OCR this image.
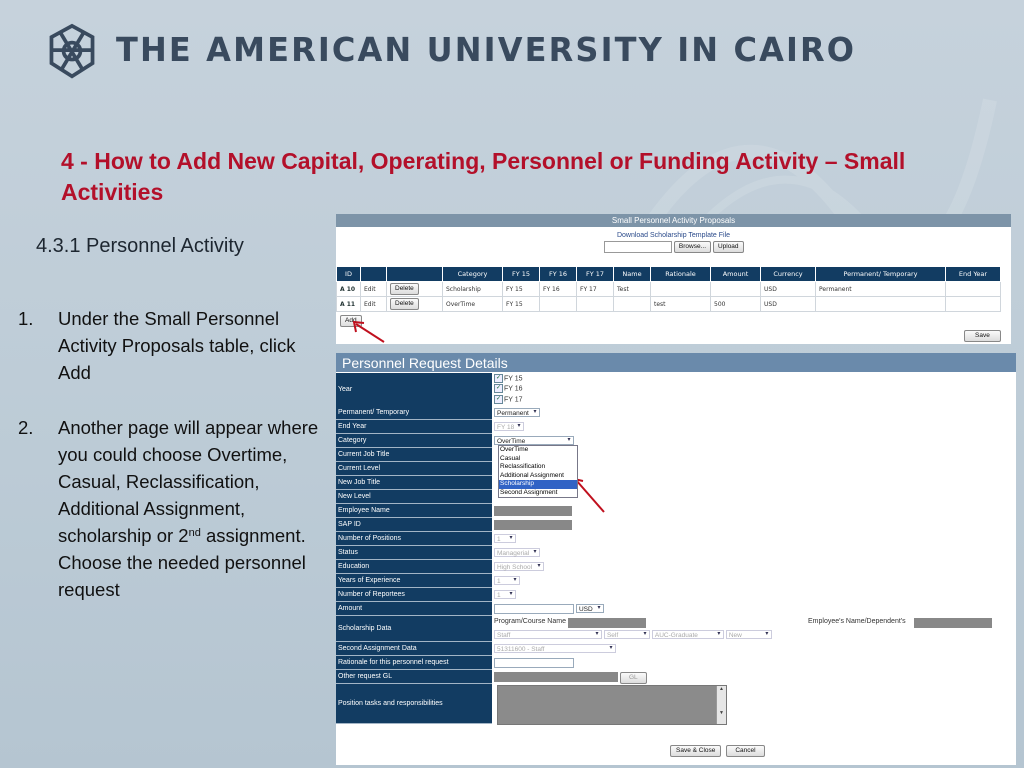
THE AMERICAN UNIVERSITY IN CAIRO
4 - How to Add New Capital, Operating, Personnel or Funding Activity – Small Activities
4.3.1 Personnel Activity
1. Under the Small Personnel Activity Proposals table, click Add
2. Another page will appear where you could choose Overtime, Casual, Reclassification, Additional Assignment, scholarship or 2nd assignment. Choose the needed personnel request
Small Personnel Activity Proposals
Download Scholarship Template File
Browse... Upload
ID			Category	FY 15	FY 16	FY 17	Name	Rationale	Amount	Currency	Permanent/ Temporary	End Year
A 10	Edit	Delete	Scholarship	FY 15	FY 16	FY 17	Test			USD	Permanent	
A 11	Edit	Delete	OverTime	FY 15				test	500	USD		
Add
Save
Personnel Request Details
Year
✓ FY 15
✓ FY 16
✓ FY 17
Permanent/ Temporary	Permanent ▾
End Year	FY 18 ▾
Category	OverTime	▾
OverTime
Casual
Reclassification
Additional Assignment
Scholarship
Second Assignment
Current Job Title
Current Level
New Job Title
New Level
Employee Name
SAP ID
Number of Positions	1	▾
Status	Managerial ▾
Education	High School ▾
Years of Experience	1	▾
Number of Reportees	1	▾
Amount	USD ▾
Scholarship Data
Program/Course Name	Employee's Name/Dependent's
Staff	▾	Self	▾	AUC-Graduate	▾	New	▾
Second Assignment Data	51311600 - Staff	▾
Rationale for this personnel request
Other request GL	GL
Position tasks and responsibilities
▲

▼
Save & Close	Cancel
